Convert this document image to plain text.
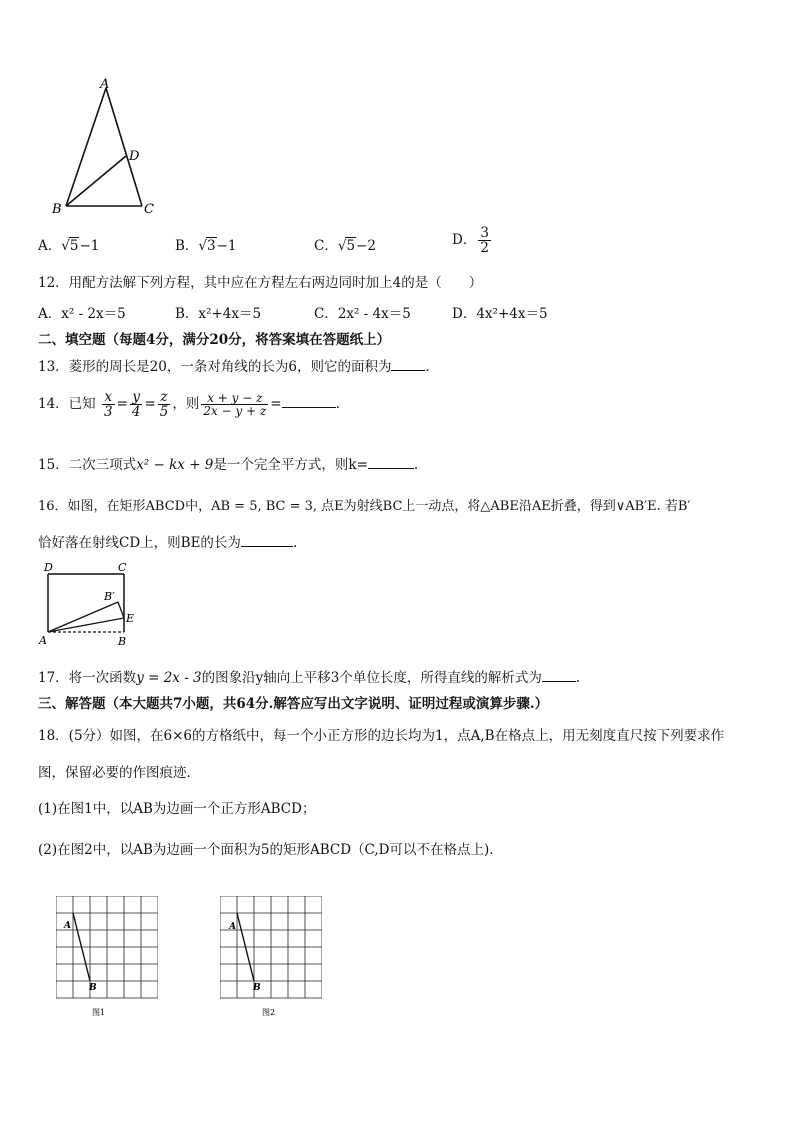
A
B	C
D
A．√5−1	B．√3−1	C．√5−2	D． $\frac{3}{2}$
12．用配方法解下列方程，其中应在方程左右两边同时加上4的是（　　）
A．x² - 2x＝5	B．x²+4x＝5	C．2x² - 4x＝5	D．4x²+4x＝5
二、填空题（每题4分，满分20分，将答案填在答题纸上）
13．菱形的周长是20，一条对角线的长为6，则它的面积为	.
14．已知 $\frac{x}{3} = \frac{y}{4} = \frac{z}{5}$ ，则 $\frac{x + y - z}{2x - y + z}$ =	.
15．二次三项式x² − kx + 9是一个完全平方式，则k=	.
16．如图，在矩形ABCD中，AB = 5, BC = 3, 点E为射线BC上一动点，将△ABE沿AE折叠，得到∨AB′E. 若B′
恰好落在射线CD上，则BE的长为	.
D	C
A	B
B′
E
17．将一次函数y = 2x - 3的图象沿y轴向上平移3个单位长度，所得直线的解析式为	.
三、解答题（本大题共7小题，共64分.解答应写出文字说明、证明过程或演算步骤.）
18．(5分）如图，在6×6的方格纸中，每一个小正方形的边长均为1，点A,B在格点上，用无刻度直尺按下列要求作
图，保留必要的作图痕迹．
(1)在图1中，以AB为边画一个正方形ABCD；
(2)在图2中，以AB为边画一个面积为5的矩形ABCD（C,D可以不在格点上)．
A
B
图1
A
B
图2
